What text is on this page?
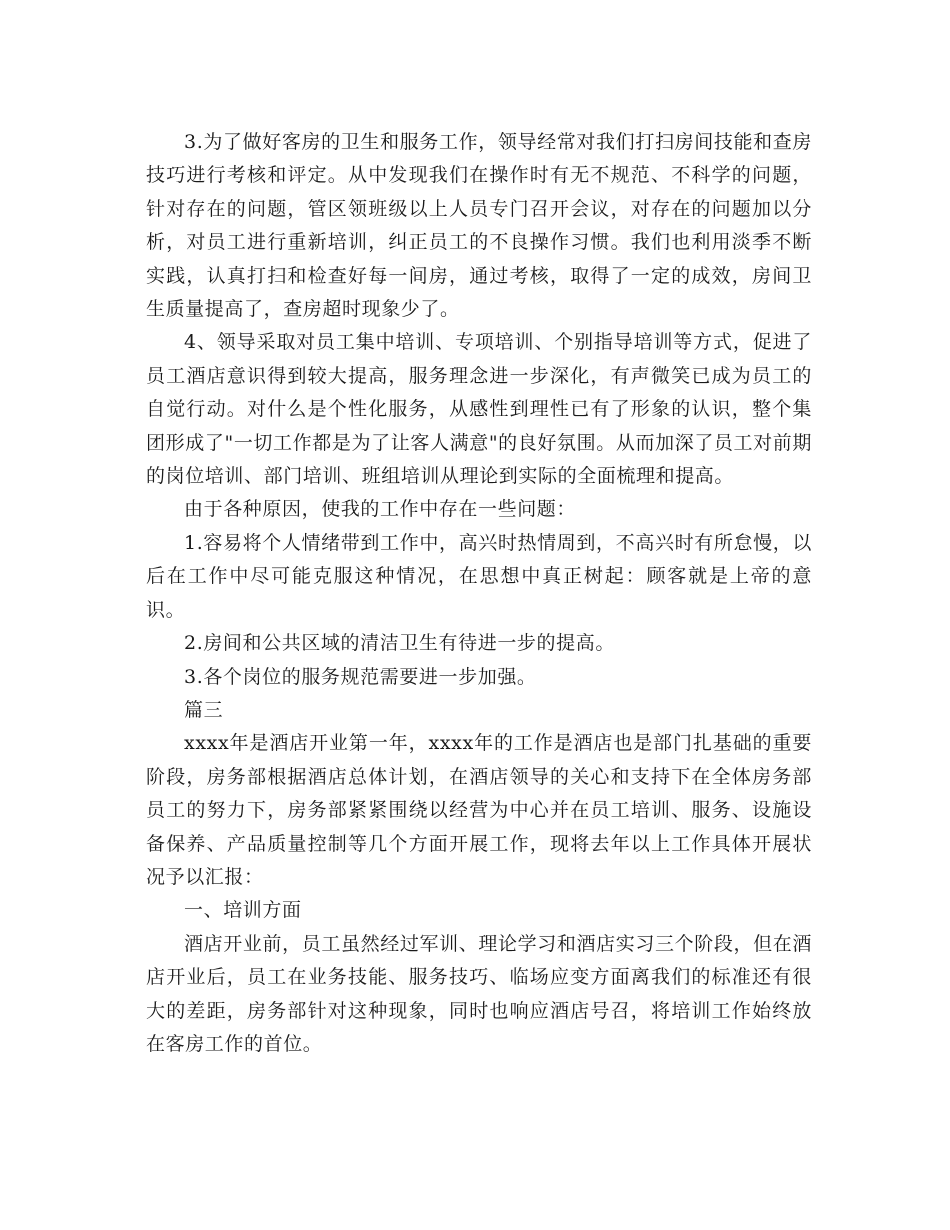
3.为了做好客房的卫生和服务工作，领导经常对我们打扫房间技能和查房技巧进行考核和评定。从中发现我们在操作时有无不规范、不科学的问题，针对存在的问题，管区领班级以上人员专门召开会议，对存在的问题加以分析，对员工进行重新培训，纠正员工的不良操作习惯。我们也利用淡季不断实践，认真打扫和检查好每一间房，通过考核，取得了一定的成效，房间卫生质量提高了，查房超时现象少了。

4、领导采取对员工集中培训、专项培训、个别指导培训等方式，促进了员工酒店意识得到较大提高，服务理念进一步深化，有声微笑已成为员工的自觉行动。对什么是个性化服务，从感性到理性已有了形象的认识，整个集团形成了"一切工作都是为了让客人满意"的良好氛围。从而加深了员工对前期的岗位培训、部门培训、班组培训从理论到实际的全面梳理和提高。

由于各种原因，使我的工作中存在一些问题：

1.容易将个人情绪带到工作中，高兴时热情周到，不高兴时有所怠慢，以后在工作中尽可能克服这种情况，在思想中真正树起：顾客就是上帝的意识。

2.房间和公共区域的清洁卫生有待进一步的提高。

3.各个岗位的服务规范需要进一步加强。

篇三

xxxx年是酒店开业第一年，xxxx年的工作是酒店也是部门扎基础的重要阶段，房务部根据酒店总体计划，在酒店领导的关心和支持下在全体房务部员工的努力下，房务部紧紧围绕以经营为中心并在员工培训、服务、设施设备保养、产品质量控制等几个方面开展工作，现将去年以上工作具体开展状况予以汇报：

一、培训方面

酒店开业前，员工虽然经过军训、理论学习和酒店实习三个阶段，但在酒店开业后，员工在业务技能、服务技巧、临场应变方面离我们的标准还有很大的差距，房务部针对这种现象，同时也响应酒店号召，将培训工作始终放在客房工作的首位。
